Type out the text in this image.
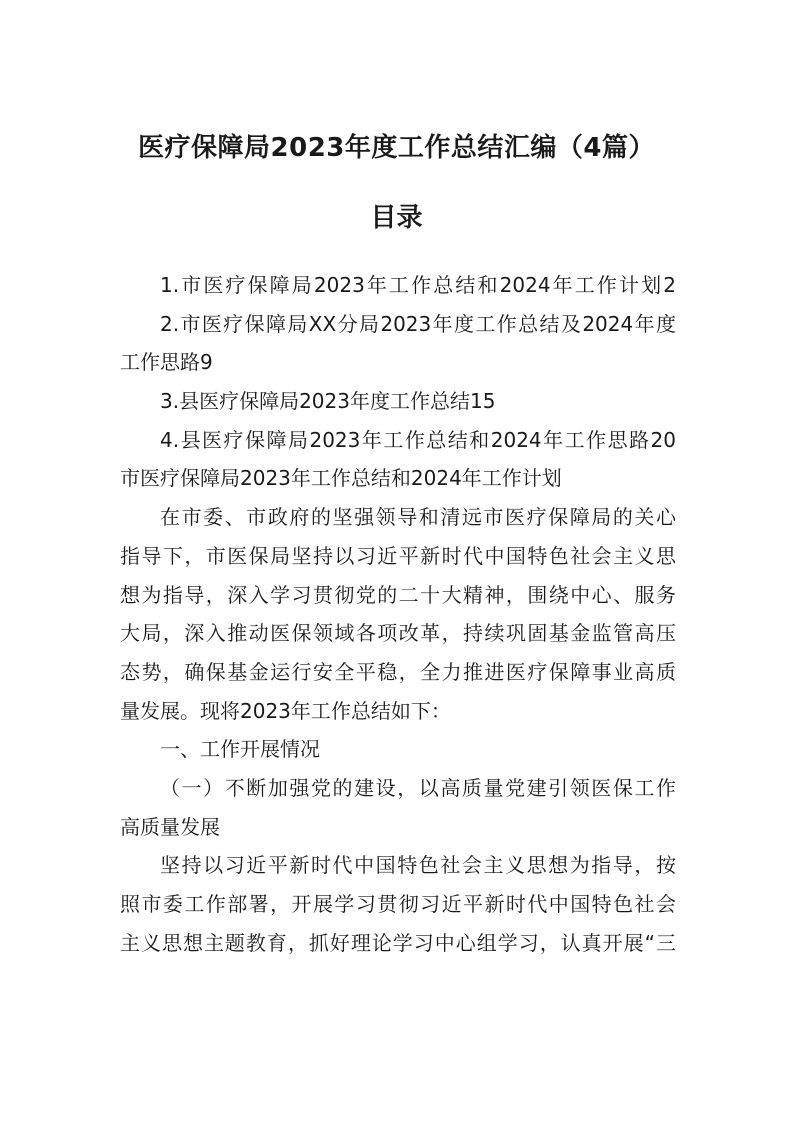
医疗保障局2023年度工作总结汇编（4篇）
目录
1.市医疗保障局2023年工作总结和2024年工作计划2
2.市医疗保障局XX分局2023年度工作总结及2024年度
工作思路9
3.县医疗保障局2023年度工作总结15
4.县医疗保障局2023年工作总结和2024年工作思路20
市医疗保障局2023年工作总结和2024年工作计划
在市委、市政府的坚强领导和清远市医疗保障局的关心
指导下，市医保局坚持以习近平新时代中国特色社会主义思
想为指导，深入学习贯彻党的二十大精神，围绕中心、服务
大局，深入推动医保领域各项改革，持续巩固基金监管高压
态势，确保基金运行安全平稳，全力推进医疗保障事业高质
量发展。现将2023年工作总结如下：
一、工作开展情况
（一）不断加强党的建设，以高质量党建引领医保工作
高质量发展
坚持以习近平新时代中国特色社会主义思想为指导，按
照市委工作部署，开展学习贯彻习近平新时代中国特色社会
主义思想主题教育，抓好理论学习中心组学习，认真开展“三
